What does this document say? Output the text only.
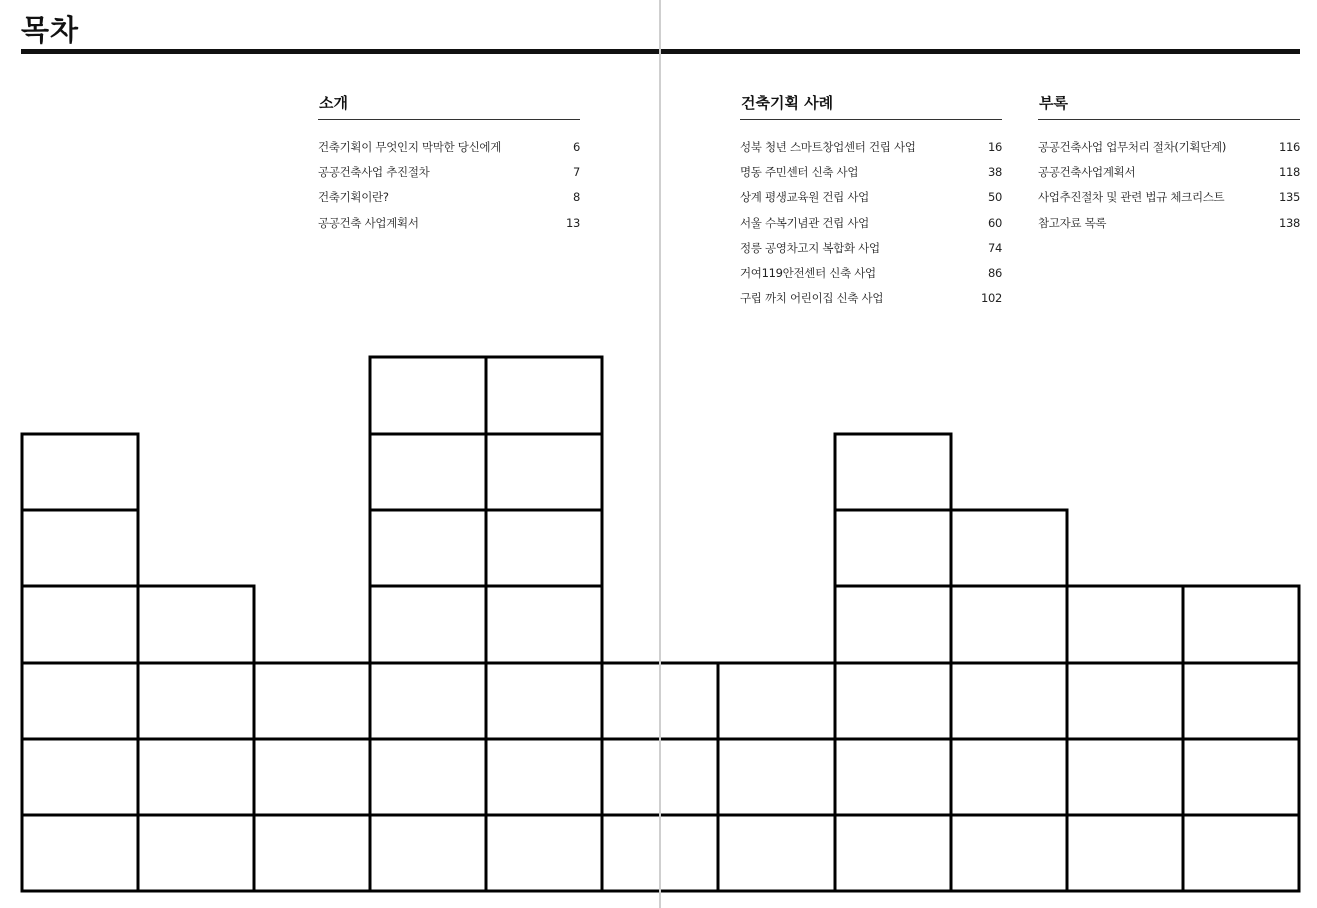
목차
소개
건축기획이 무엇인지 막막한 당신에게	6
공공건축사업 추진절차	7
건축기획이란?	8
공공건축 사업계획서	13
건축기획 사례
성북 청년 스마트창업센터 건립 사업	16
명동 주민센터 신축 사업	38
상계 평생교육원 건립 사업	50
서울 수복기념관 건립 사업	60
정릉 공영차고지 복합화 사업	74
거여119안전센터 신축 사업	86
구립 까치 어린이집 신축 사업	102
부록
공공건축사업 업무처리 절차(기획단계)	116
공공건축사업계획서	118
사업추진절차 및 관련 법규 체크리스트	135
참고자료 목록	138
